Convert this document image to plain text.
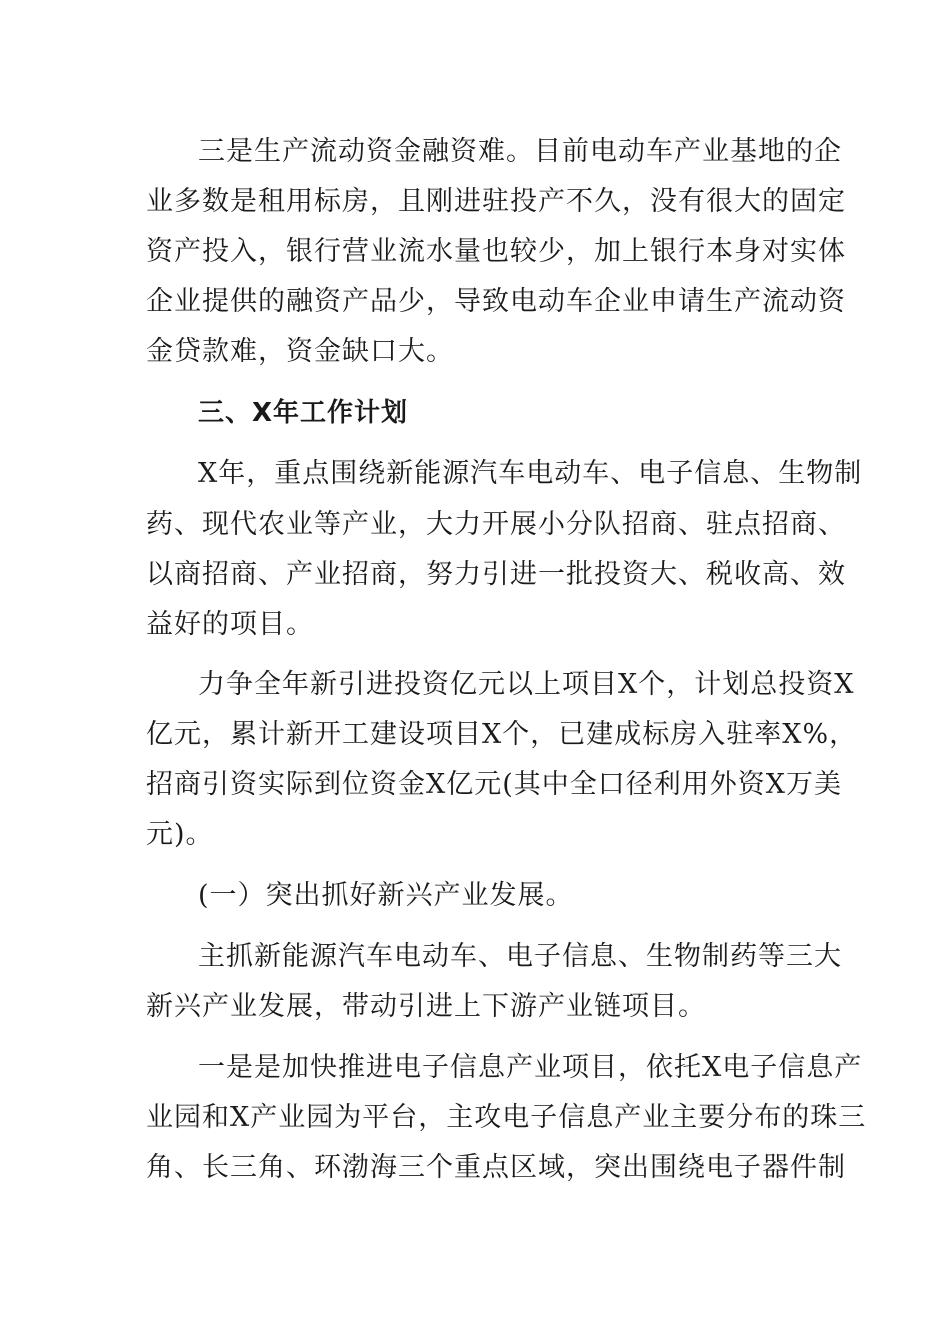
三是生产流动资金融资难。目前电动车产业基地的企

业多数是租用标房，且刚进驻投产不久，没有很大的固定

资产投入，银行营业流水量也较少，加上银行本身对实体

企业提供的融资产品少，导致电动车企业申请生产流动资

金贷款难，资金缺口大。

三、X年工作计划

X年，重点围绕新能源汽车电动车、电子信息、生物制

药、现代农业等产业，大力开展小分队招商、驻点招商、

以商招商、产业招商，努力引进一批投资大、税收高、效

益好的项目。

力争全年新引进投资亿元以上项目X个，计划总投资X

亿元，累计新开工建设项目X个，已建成标房入驻率X%，

招商引资实际到位资金X亿元(其中全口径利用外资X万美

元)。

(一）突出抓好新兴产业发展。

主抓新能源汽车电动车、电子信息、生物制药等三大

新兴产业发展，带动引进上下游产业链项目。

一是是加快推进电子信息产业项目，依托X电子信息产

业园和X产业园为平台，主攻电子信息产业主要分布的珠三

角、长三角、环渤海三个重点区域，突出围绕电子器件制
